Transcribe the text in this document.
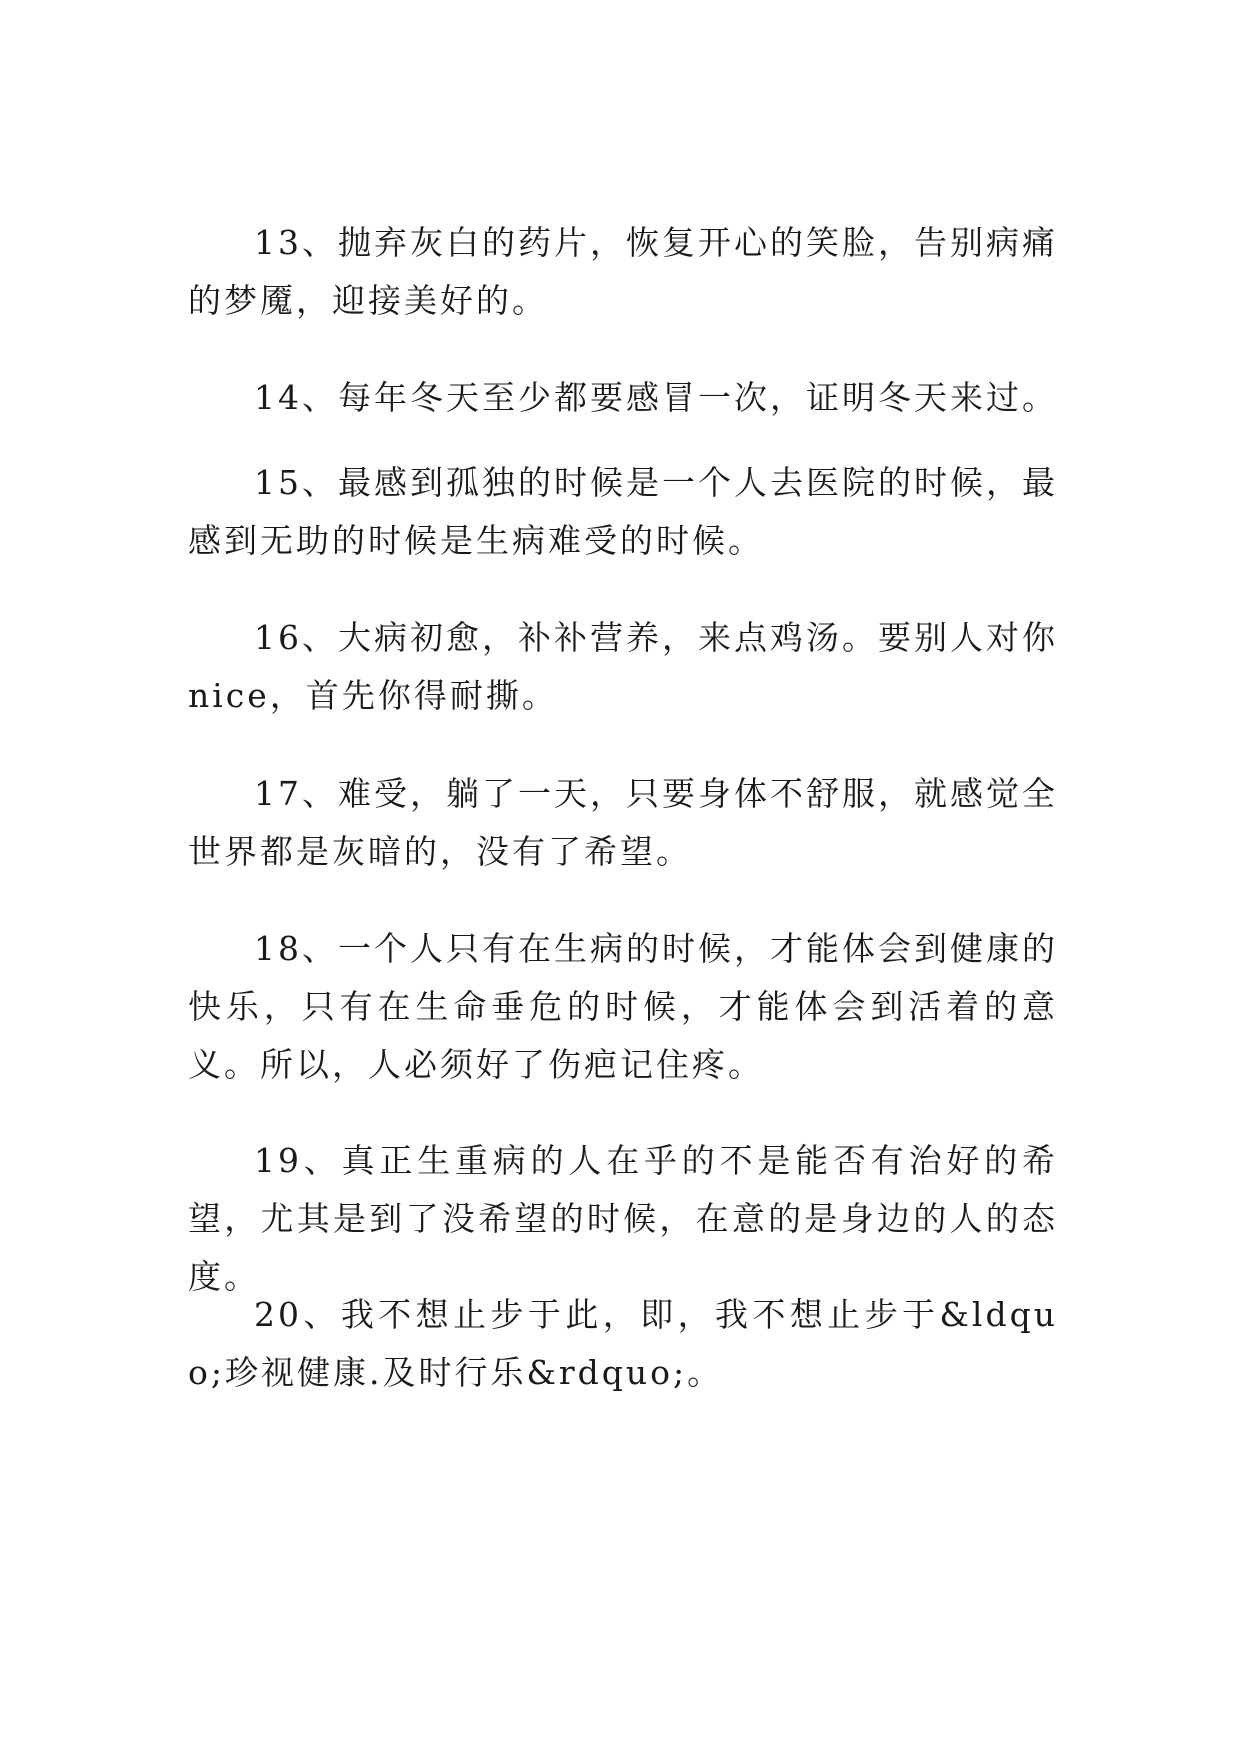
13、抛弃灰白的药片，恢复开心的笑脸，告别病痛的梦魇，迎接美好的。

14、每年冬天至少都要感冒一次，证明冬天来过。

15、最感到孤独的时候是一个人去医院的时候，最感到无助的时候是生病难受的时候。

16、大病初愈，补补营养，来点鸡汤。要别人对你nice，首先你得耐撕。

17、难受，躺了一天，只要身体不舒服，就感觉全世界都是灰暗的，没有了希望。

18、一个人只有在生病的时候，才能体会到健康的快乐，只有在生命垂危的时候，才能体会到活着的意义。所以，人必须好了伤疤记住疼。

19、真正生重病的人在乎的不是能否有治好的希望，尤其是到了没希望的时候，在意的是身边的人的态度。

20、我不想止步于此，即，我不想止步于&ldquo;珍视健康.及时行乐&rdquo;。
